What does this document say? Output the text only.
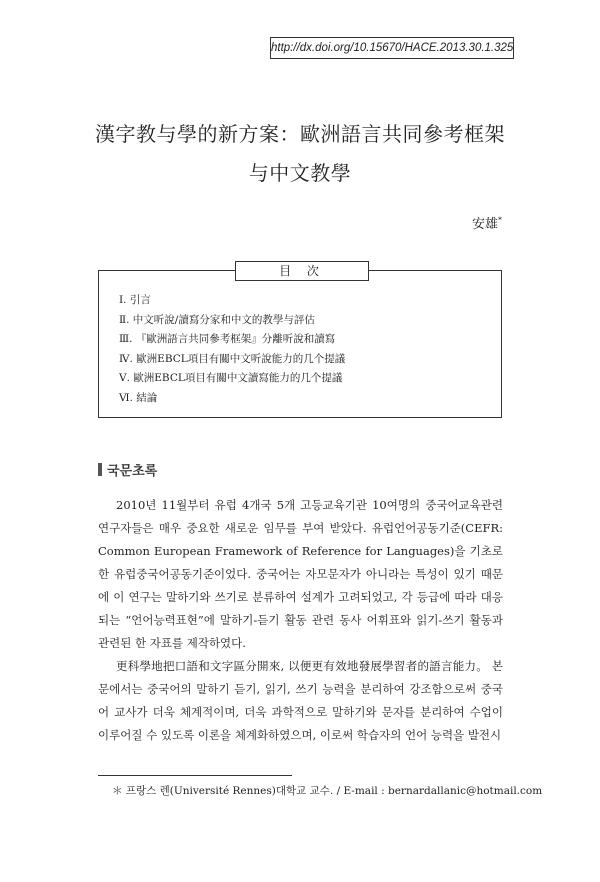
http://dx.doi.org/10.15670/HACE.2013.30.1.325
漢字教与學的新方案：歐洲語言共同參考框架
与中文教學
安雄*
目 次
Ⅰ. 引言
Ⅱ. 中文听說/讀寫分家和中文的教學与評估
Ⅲ. 『歐洲語言共同參考框架』分離听說和讀寫
Ⅳ. 歐洲EBCL項目有關中文听說能力的几个提議
Ⅴ. 歐洲EBCL項目有關中文讀寫能力的几个提議
Ⅵ. 結論
국문초록

2010년 11월부터 유럽 4개국 5개 고등교육기관 10여명의 중국어교육관련 연구자들은 매우 중요한 새로운 임무를 부여 받았다. 유럽언어공동기준(CEFR: Common European Framework of Reference for Languages)을 기초로 한 유럽중국어공동기준이었다. 중국어는 자모문자가 아니라는 특성이 있기 때문에 이 연구는 말하기와 쓰기로 분류하여 설계가 고려되었고, 각 등급에 따라 대응되는 “언어능력표현”에 말하기-듣기 활동 관련 동사 어휘표와 읽기-쓰기 활동과 관련된 한 자표를 제작하였다.

更科學地把口語和文字區分開來, 以便更有效地發展學習者的語言能力。 본문에서는 중국어의 말하기 듣기, 읽기, 쓰기 능력을 분리하여 강조함으로써 중국어 교사가 더욱 체계적이며, 더욱 과학적으로 말하기와 문자를 분리하여 수업이 이루어질 수 있도록 이론을 체계화하였으며, 이로써 학습자의 언어 능력을 발전시

＊ 프랑스 렌(Université Rennes)대학교 교수. / E-mail : bernardallanic@hotmail.com
